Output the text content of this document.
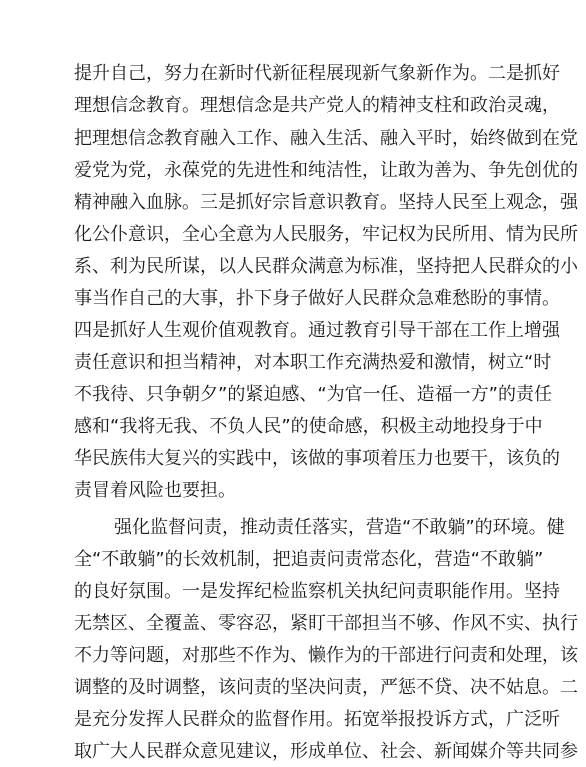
提升自己，努力在新时代新征程展现新气象新作为。二是抓好
理想信念教育。理想信念是共产党人的精神支柱和政治灵魂，
把理想信念教育融入工作、融入生活、融入平时，始终做到在党
爱党为党，永葆党的先进性和纯洁性，让敢为善为、争先创优的
精神融入血脉。三是抓好宗旨意识教育。坚持人民至上观念，强
化公仆意识，全心全意为人民服务，牢记权为民所用、情为民所
系、利为民所谋，以人民群众满意为标准，坚持把人民群众的小
事当作自己的大事，扑下身子做好人民群众急难愁盼的事情。
四是抓好人生观价值观教育。通过教育引导干部在工作上增强
责任意识和担当精神，对本职工作充满热爱和激情，树立“时
不我待、只争朝夕”的紧迫感、“为官一任、造福一方”的责任
感和“我将无我、不负人民”的使命感，积极主动地投身于中
华民族伟大复兴的实践中，该做的事项着压力也要干，该负的
责冒着风险也要担。
强化监督问责，推动责任落实，营造“不敢躺”的环境。健
全“不敢躺”的长效机制，把追责问责常态化，营造“不敢躺”
的良好氛围。一是发挥纪检监察机关执纪问责职能作用。坚持
无禁区、全覆盖、零容忍，紧盯干部担当不够、作风不实、执行
不力等问题，对那些不作为、懒作为的干部进行问责和处理，该
调整的及时调整，该问责的坚决问责，严惩不贷、决不姑息。二
是充分发挥人民群众的监督作用。拓宽举报投诉方式，广泛听
取广大人民群众意见建议，形成单位、社会、新闻媒介等共同参
